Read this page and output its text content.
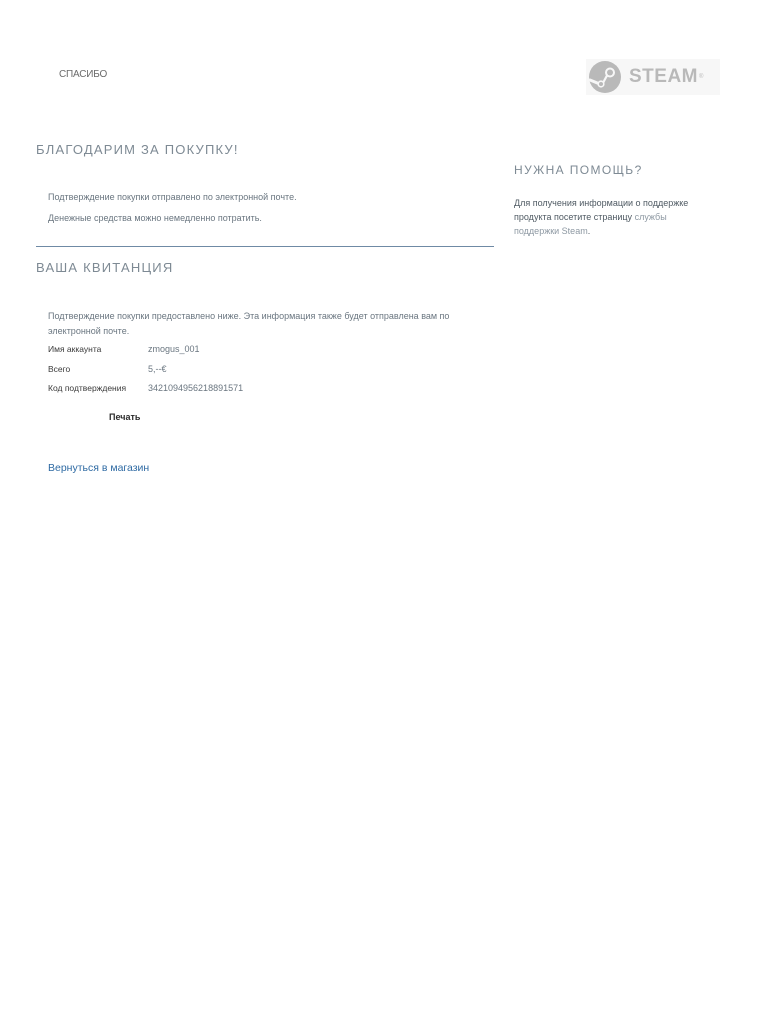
СПАСИБО	STEAM ®
БЛАГОДАРИМ ЗА ПОКУПКУ!
Подтверждение покупки отправлено по электронной почте.
Денежные средства можно немедленно потратить.
ВАША КВИТАНЦИЯ
Подтверждение покупки предоставлено ниже. Эта информация также будет отправлена вам по электронной почте.
Имя аккаунта	zmogus_001
Всего	5,--€
Код подтверждения 3421094956218891571
Печать
Вернуться в магазин
НУЖНА ПОМОЩЬ?
Для получения информации о поддержке продукта посетите страницу службы поддержки Steam.
